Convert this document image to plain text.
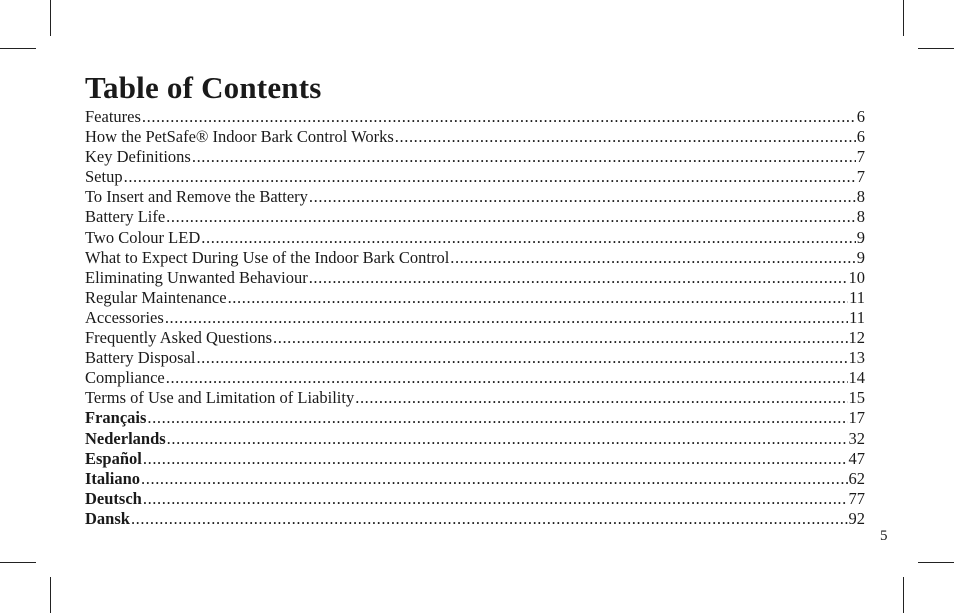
Table of Contents
Features .....	6
How the PetSafe® Indoor Bark Control Works .....	6
Key Definitions .....	7
Setup .....	7
To Insert and Remove the Battery .....	8
Battery Life .....	8
Two Colour LED .....	9
What to Expect During Use of the Indoor Bark Control .....	9
Eliminating Unwanted Behaviour .....	10
Regular Maintenance .....	11
Accessories .....	11
Frequently Asked Questions .....	12
Battery Disposal .....	13
Compliance .....	14
Terms of Use and Limitation of Liability .....	15
Français .....	17
Nederlands .....	32
Español .....	47
Italiano .....	62
Deutsch .....	77
Dansk .....	92
5
